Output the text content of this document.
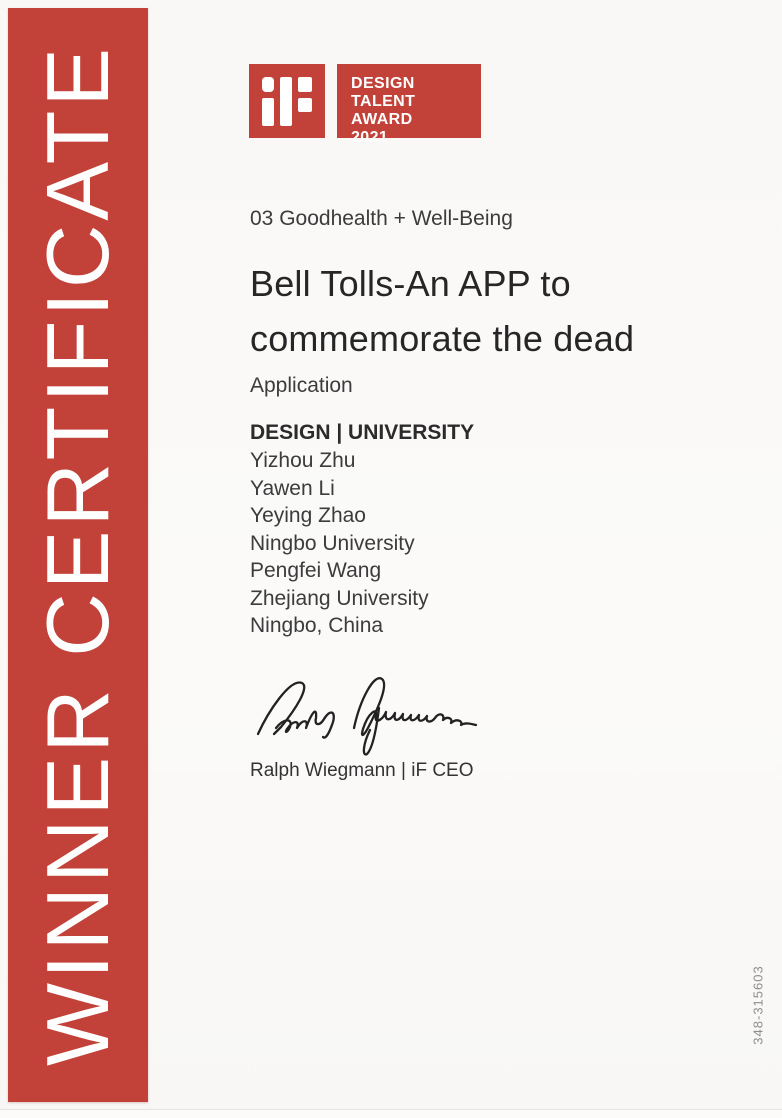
WINNER CERTIFICATE	DESIGN
TALENT AWARD
2021
03 Goodhealth + Well-Being
Bell Tolls-An APP to
commemorate the dead
Application
DESIGN | UNIVERSITY
Yizhou Zhu
Yawen Li
Yeying Zhao
Ningbo University
Pengfei Wang
Zhejiang University
Ningbo, China
Ralph Wiegmann | iF CEO
348-315603
